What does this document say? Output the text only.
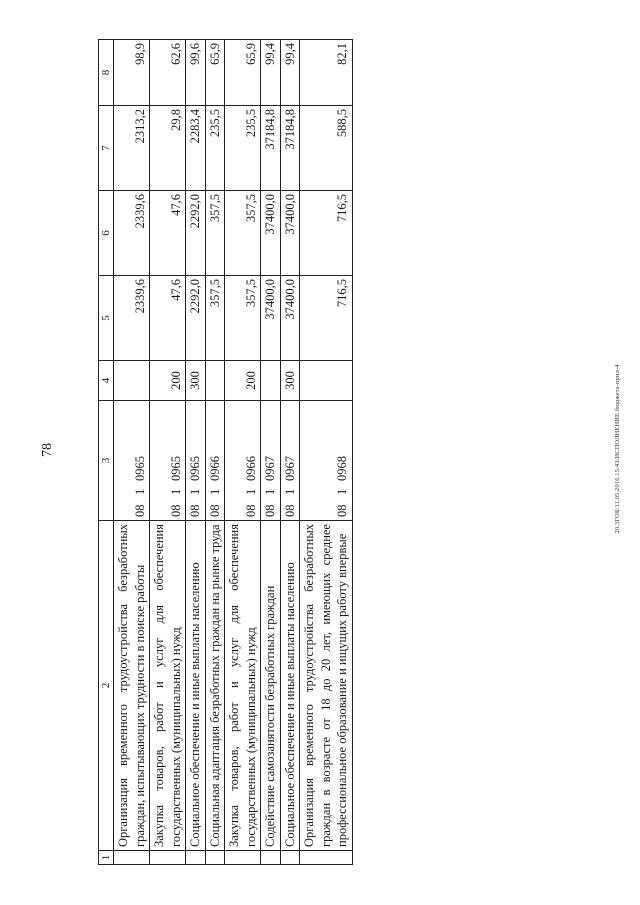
78
1	2	3	4	5	6	7	8
	Организация временного трудоустройства безработных граждан, испытывающих трудности в поиске работы	0810965		2339,6	2339,6	2313,2	98,9
	Закупка товаров, работ и услуг для обеспечения государственных (муниципальных) нужд	0810965	200	47,6	47,6	29,8	62,6
	Социальное обеспечение и иные выплаты населению	0810965	300	2292,0	2292,0	2283,4	99,6
	Социальная адаптация безработных граждан на рынке труда	0810966		357,5	357,5	235,5	65,9
	Закупка товаров, работ и услуг для обеспечения государственных (муниципальных) нужд	0810966	200	357,5	357,5	235,5	65,9
	Содействие самозанятости безработных граждан	0810967		37400,0	37400,0	37184,8	99,4
	Социальное обеспечение и иные выплаты населению	0810967	300	37400,0	37400,0	37184,8	99,4
	Организация временного трудоустройства безработных граждан в возрасте от 18 до 20 лет, имеющих среднее профессиональное образование и ищущих работу впервые	0810968		716,5	716,5	588,5	82,1
20.3ГОБ/11.05.2016 15:43/ИСПОЛНЕНИЕ бюджета-прил-4
